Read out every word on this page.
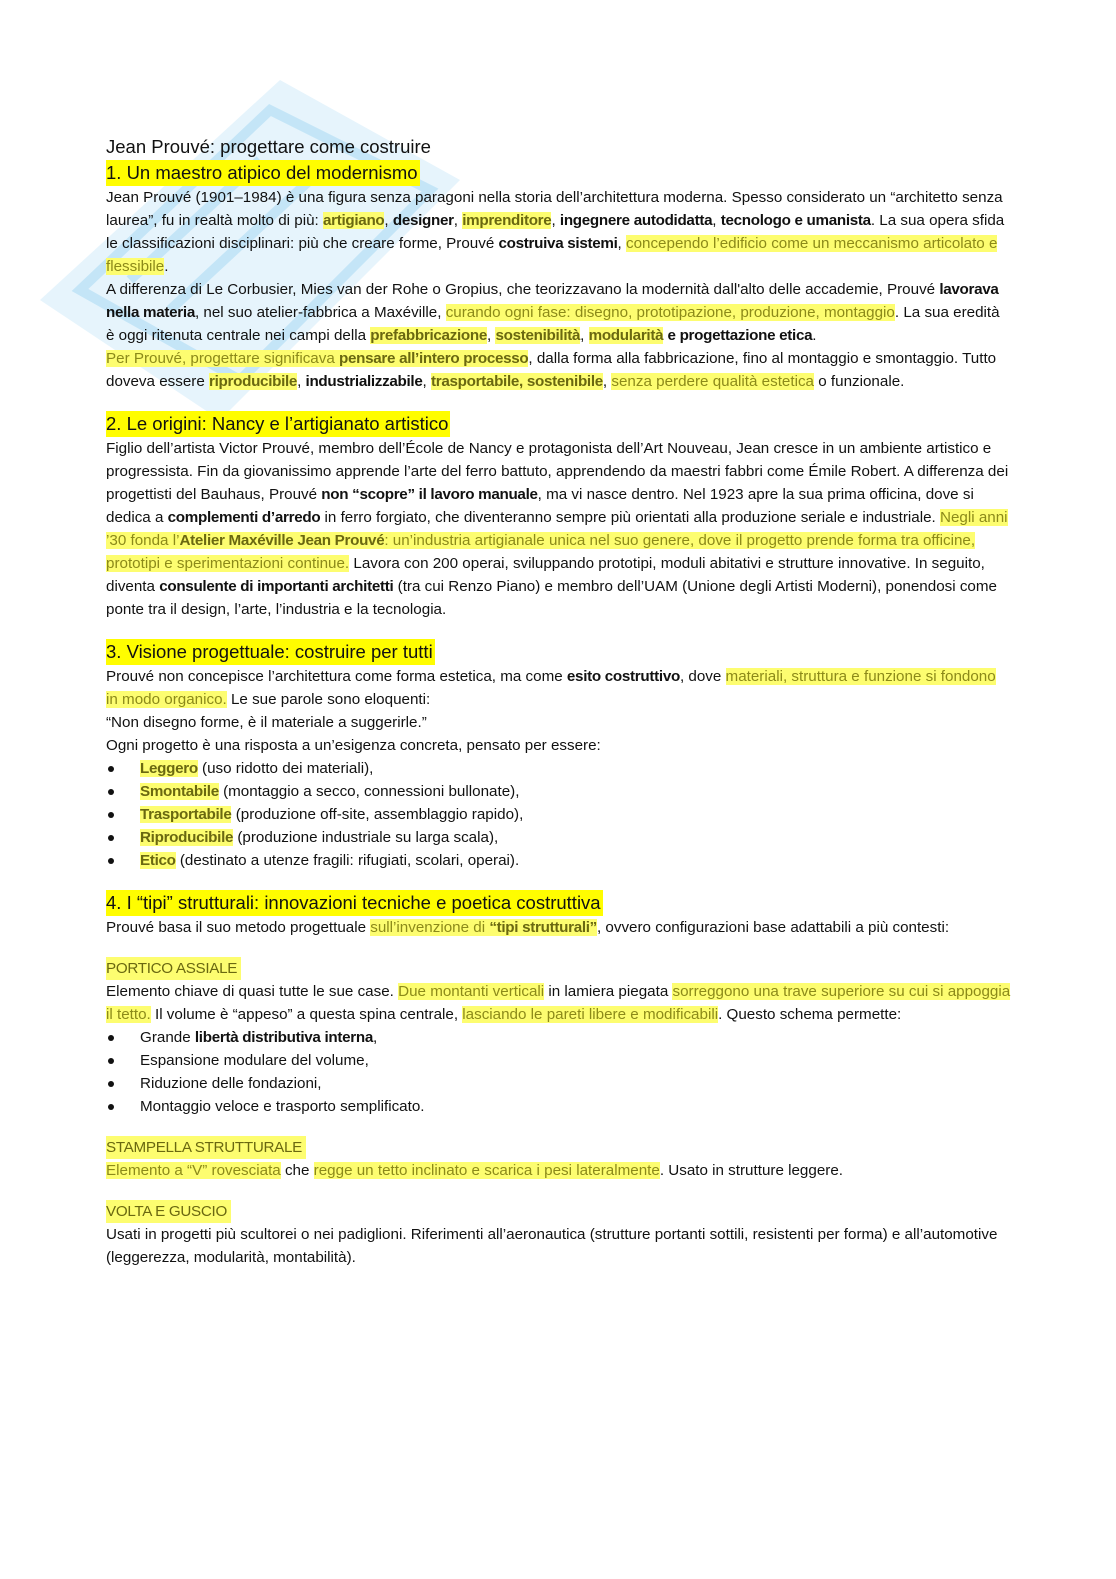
Jean Prouvé: progettare come costruire
1. Un maestro atipico del modernismo

Jean Prouvé (1901–1984) è una figura senza paragoni nella storia dell’architettura moderna. Spesso considerato un “architetto senza laurea”, fu in realtà molto di più: artigiano, designer, imprenditore, ingegnere autodidatta, tecnologo e umanista. La sua opera sfida le classificazioni disciplinari: più che creare forme, Prouvé costruiva sistemi, concependo l’edificio come un meccanismo articolato e flessibile.

A differenza di Le Corbusier, Mies van der Rohe o Gropius, che teorizzavano la modernità dall'alto delle accademie, Prouvé lavorava nella materia, nel suo atelier-fabbrica a Maxéville, curando ogni fase: disegno, prototipazione, produzione, montaggio. La sua eredità è oggi ritenuta centrale nei campi della prefabbricazione, sostenibilità, modularità e progettazione etica.

Per Prouvé, progettare significava pensare all’intero processo, dalla forma alla fabbricazione, fino al montaggio e smontaggio. Tutto doveva essere riproducibile, industrializzabile, trasportabile, sostenibile, senza perdere qualità estetica o funzionale.

2. Le origini: Nancy e l’artigianato artistico

Figlio dell’artista Victor Prouvé, membro dell’École de Nancy e protagonista dell’Art Nouveau, Jean cresce in un ambiente artistico e progressista. Fin da giovanissimo apprende l’arte del ferro battuto, apprendendo da maestri fabbri come Émile Robert. A differenza dei progettisti del Bauhaus, Prouvé non “scopre” il lavoro manuale, ma vi nasce dentro. Nel 1923 apre la sua prima officina, dove si dedica a complementi d’arredo in ferro forgiato, che diventeranno sempre più orientati alla produzione seriale e industriale. Negli anni ’30 fonda l’Atelier Maxéville Jean Prouvé: un’industria artigianale unica nel suo genere, dove il progetto prende forma tra officine, prototipi e sperimentazioni continue. Lavora con 200 operai, sviluppando prototipi, moduli abitativi e strutture innovative. In seguito, diventa consulente di importanti architetti (tra cui Renzo Piano) e membro dell’UAM (Unione degli Artisti Moderni), ponendosi come ponte tra il design, l’arte, l’industria e la tecnologia.

3. Visione progettuale: costruire per tutti

Prouvé non concepisce l’architettura come forma estetica, ma come esito costruttivo, dove materiali, struttura e funzione si fondono in modo organico. Le sue parole sono eloquenti:

“Non disegno forme, è il materiale a suggerirle.”

Ogni progetto è una risposta a un’esigenza concreta, pensato per essere:

Leggero (uso ridotto dei materiali),
Smontabile (montaggio a secco, connessioni bullonate),
Trasportabile (produzione off-site, assemblaggio rapido),
Riproducibile (produzione industriale su larga scala),
Etico (destinato a utenze fragili: rifugiati, scolari, operai).
4. I “tipi” strutturali: innovazioni tecniche e poetica costruttiva

Prouvé basa il suo metodo progettuale sull’invenzione di “tipi strutturali”, ovvero configurazioni base adattabili a più contesti:

PORTICO ASSIALE

Elemento chiave di quasi tutte le sue case. Due montanti verticali in lamiera piegata sorreggono una trave superiore su cui si appoggia il tetto. Il volume è “appeso” a questa spina centrale, lasciando le pareti libere e modificabili. Questo schema permette:

Grande libertà distributiva interna,
Espansione modulare del volume,
Riduzione delle fondazioni,
Montaggio veloce e trasporto semplificato.
STAMPELLA STRUTTURALE

Elemento a “V” rovesciata che regge un tetto inclinato e scarica i pesi lateralmente. Usato in strutture leggere.

VOLTA E GUSCIO

Usati in progetti più scultorei o nei padiglioni. Riferimenti all’aeronautica (strutture portanti sottili, resistenti per forma) e all’automotive (leggerezza, modularità, montabilità).
